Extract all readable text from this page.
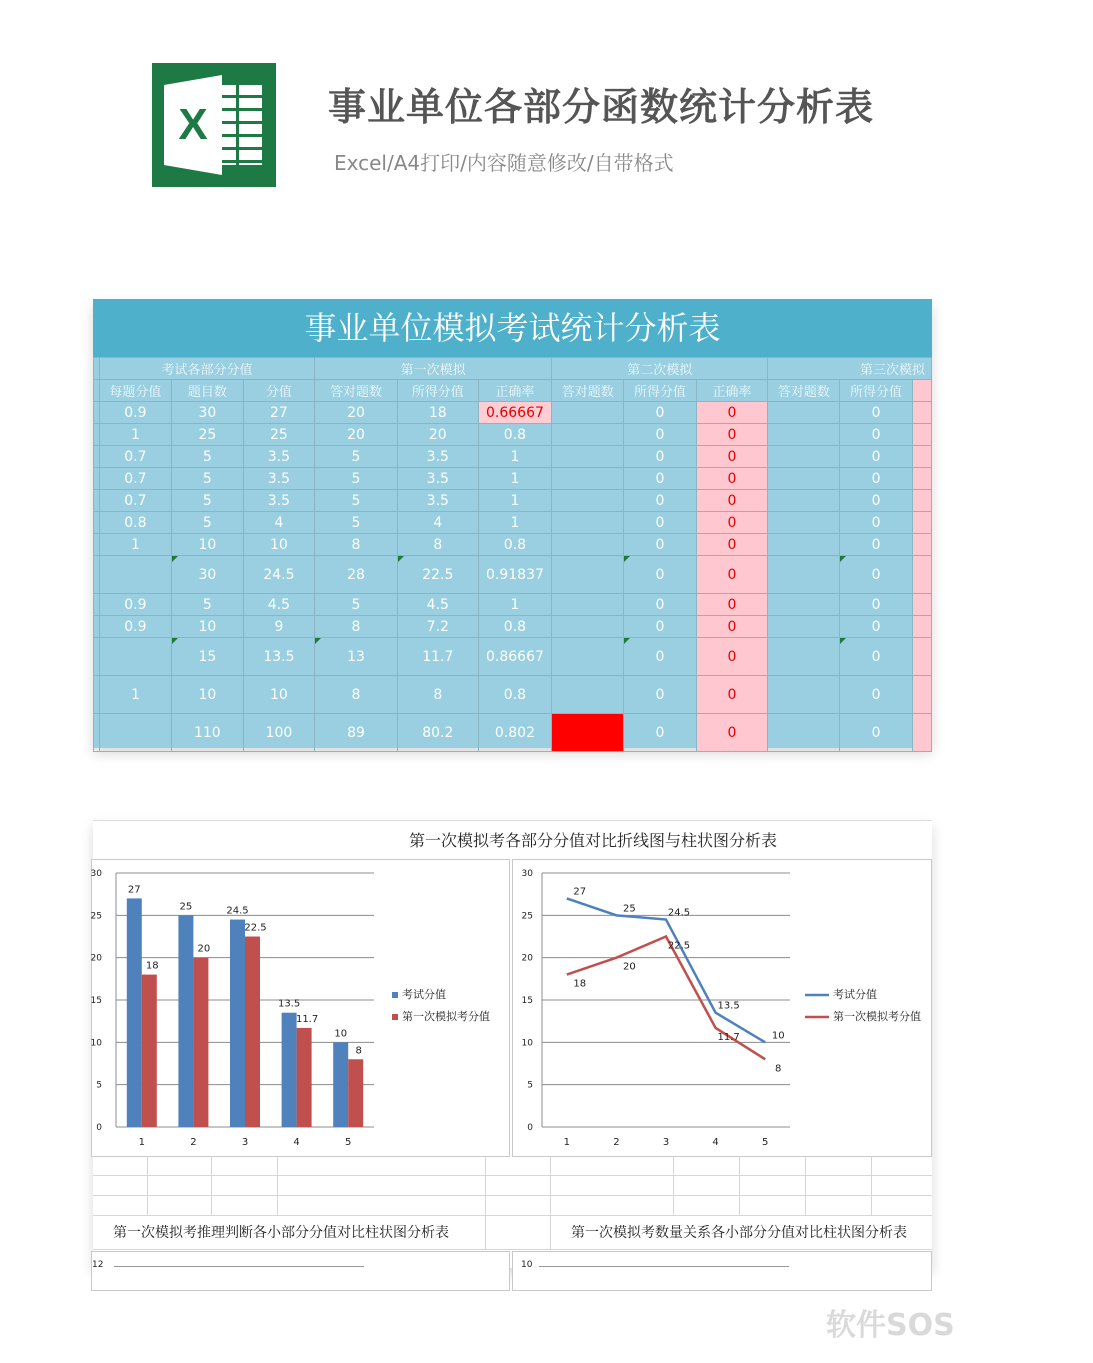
X	事业单位各部分函数统计分析表
Excel/A4打印/内容随意修改/自带格式
事业单位模拟考试统计分析表
	考试各部分分值			第一次模拟			第二次模拟			第三次模拟		
	每题分值	题目数	分值	答对题数	所得分值	正确率	答对题数	所得分值	正确率	答对题数	所得分值	
	0.9	30	27	20	18	0.66667		0	0		0	
	1	25	25	20	20	0.8		0	0		0	
	0.7	5	3.5	5	3.5	1		0	0		0	
	0.7	5	3.5	5	3.5	1		0	0		0	
	0.7	5	3.5	5	3.5	1		0	0		0	
	0.8	5	4	5	4	1		0	0		0	
	1	10	10	8	8	0.8		0	0		0	
		30	24.5	28	22.5	0.91837		0	0		0	
	0.9	5	4.5	5	4.5	1		0	0		0	
	0.9	10	9	8	7.2	0.8		0	0		0	
		15	13.5	13	11.7	0.86667		0	0		0	
	1	10	10	8	8	0.8		0	0		0	
		110	100	89	80.2	0.802		0	0		0	
第一次模拟考各部分分值对比折线图与柱状图分析表
30
25
20
15
10
5
0
27
18
1
25
20
2
24.5
22.5
3
13.5
11.7
4
10
8
5
考试分值
第一次模拟考分值
30
25
20
15
10
5
0
27
25	24.5
13.5
10
18
20
22.5
11.7
8
1	2	3	4	5
考试分值
第一次模拟考分值
第一次模拟考推理判断各小部分分值对比柱状图分析表	第一次模拟考数量关系各小部分分值对比柱状图分析表
12	10
软件SOS
